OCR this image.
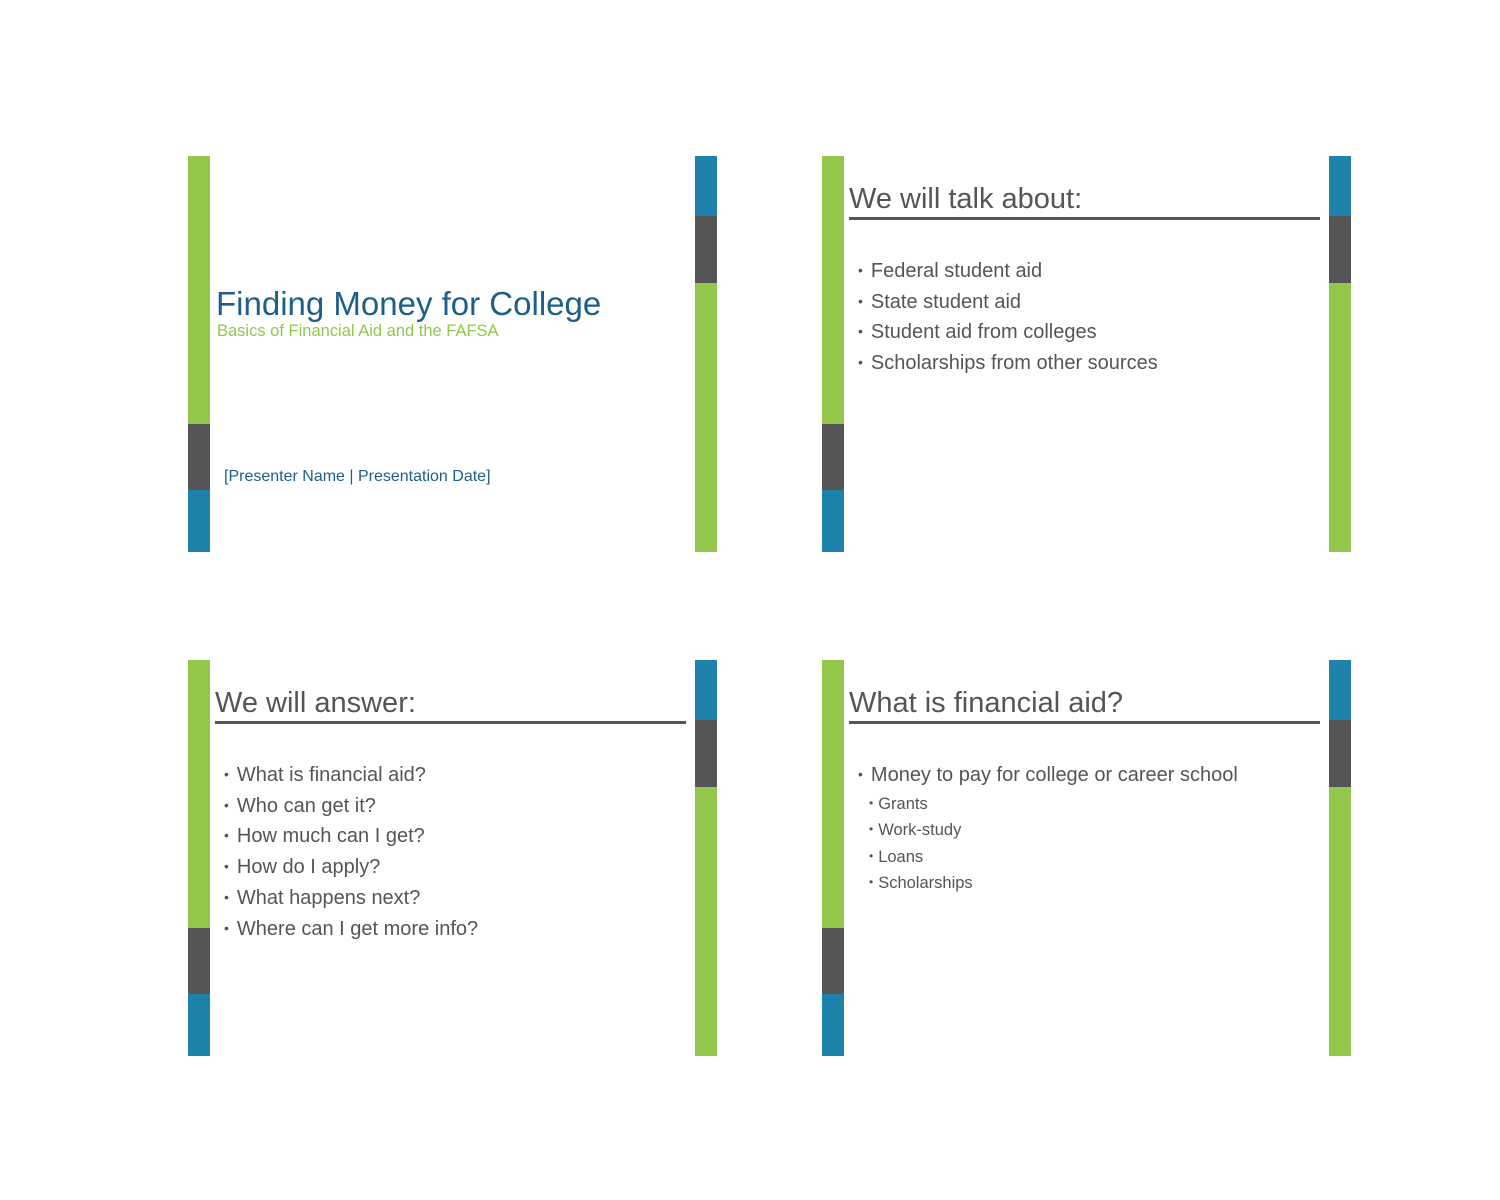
Finding Money for College
Basics of Financial Aid and the FAFSA
[Presenter Name | Presentation Date]
We will talk about:
• Federal student aid
• State student aid
• Student aid from colleges
• Scholarships from other sources
We will answer:
• What is financial aid?
• Who can get it?
• How much can I get?
• How do I apply?
• What happens next?
• Where can I get more info?
What is financial aid?
• Money to pay for college or career school
• Grants
• Work-study
• Loans
• Scholarships
